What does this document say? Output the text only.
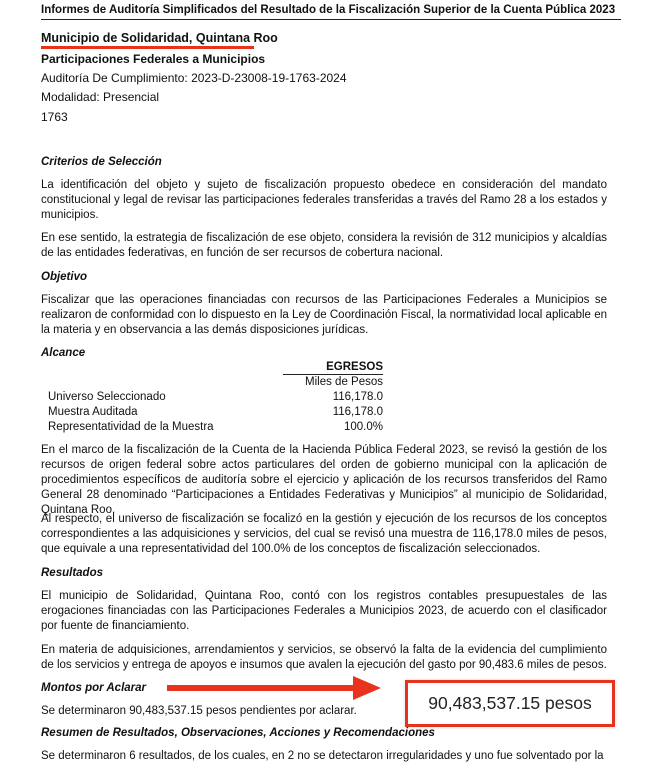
Informes de Auditoría Simplificados del Resultado de la Fiscalización Superior de la Cuenta Pública 2023
Municipio de Solidaridad, Quintana Roo
Participaciones Federales a Municipios
Auditoría De Cumplimiento: 2023-D-23008-19-1763-2024
Modalidad: Presencial
1763
Criterios de Selección
La identificación del objeto y sujeto de fiscalización propuesto obedece en consideración del mandato constitucional y legal de revisar las participaciones federales transferidas a través del Ramo 28 a los estados y municipios.
En ese sentido, la estrategia de fiscalización de ese objeto, considera la revisión de 312 municipios y alcaldías de las entidades federativas, en función de ser recursos de cobertura nacional.
Objetivo
Fiscalizar que las operaciones financiadas con recursos de las Participaciones Federales a Municipios se realizaron de conformidad con lo dispuesto en la Ley de Coordinación Fiscal, la normatividad local aplicable en la materia y en observancia a las demás disposiciones jurídicas.
Alcance
EGRESOS
Miles de Pesos
Universo Seleccionado	116,178.0
Muestra Auditada	116,178.0
Representatividad de la Muestra	100.0%
En el marco de la fiscalización de la Cuenta de la Hacienda Pública Federal 2023, se revisó la gestión de los recursos de origen federal sobre actos particulares del orden de gobierno municipal con la aplicación de procedimientos específicos de auditoría sobre el ejercicio y aplicación de los recursos transferidos del Ramo General 28 denominado “Participaciones a Entidades Federativas y Municipios” al municipio de Solidaridad, Quintana Roo.
Al respecto, el universo de fiscalización se focalizó en la gestión y ejecución de los recursos de los conceptos correspondientes a las adquisiciones y servicios, del cual se revisó una muestra de 116,178.0 miles de pesos, que equivale a una representatividad del 100.0% de los conceptos de fiscalización seleccionados.
Resultados
El municipio de Solidaridad, Quintana Roo, contó con los registros contables presupuestales de las erogaciones financiadas con las Participaciones Federales a Municipios 2023, de acuerdo con el clasificador por fuente de financiamiento.
En materia de adquisiciones, arrendamientos y servicios, se observó la falta de la evidencia del cumplimiento de los servicios y entrega de apoyos e insumos que avalen la ejecución del gasto por 90,483.6 miles de pesos.
Montos por Aclarar
Se determinaron 90,483,537.15 pesos pendientes por aclarar.	90,483,537.15 pesos
Resumen de Resultados, Observaciones, Acciones y Recomendaciones
Se determinaron 6 resultados, de los cuales, en 2 no se detectaron irregularidades y uno fue solventado por la
